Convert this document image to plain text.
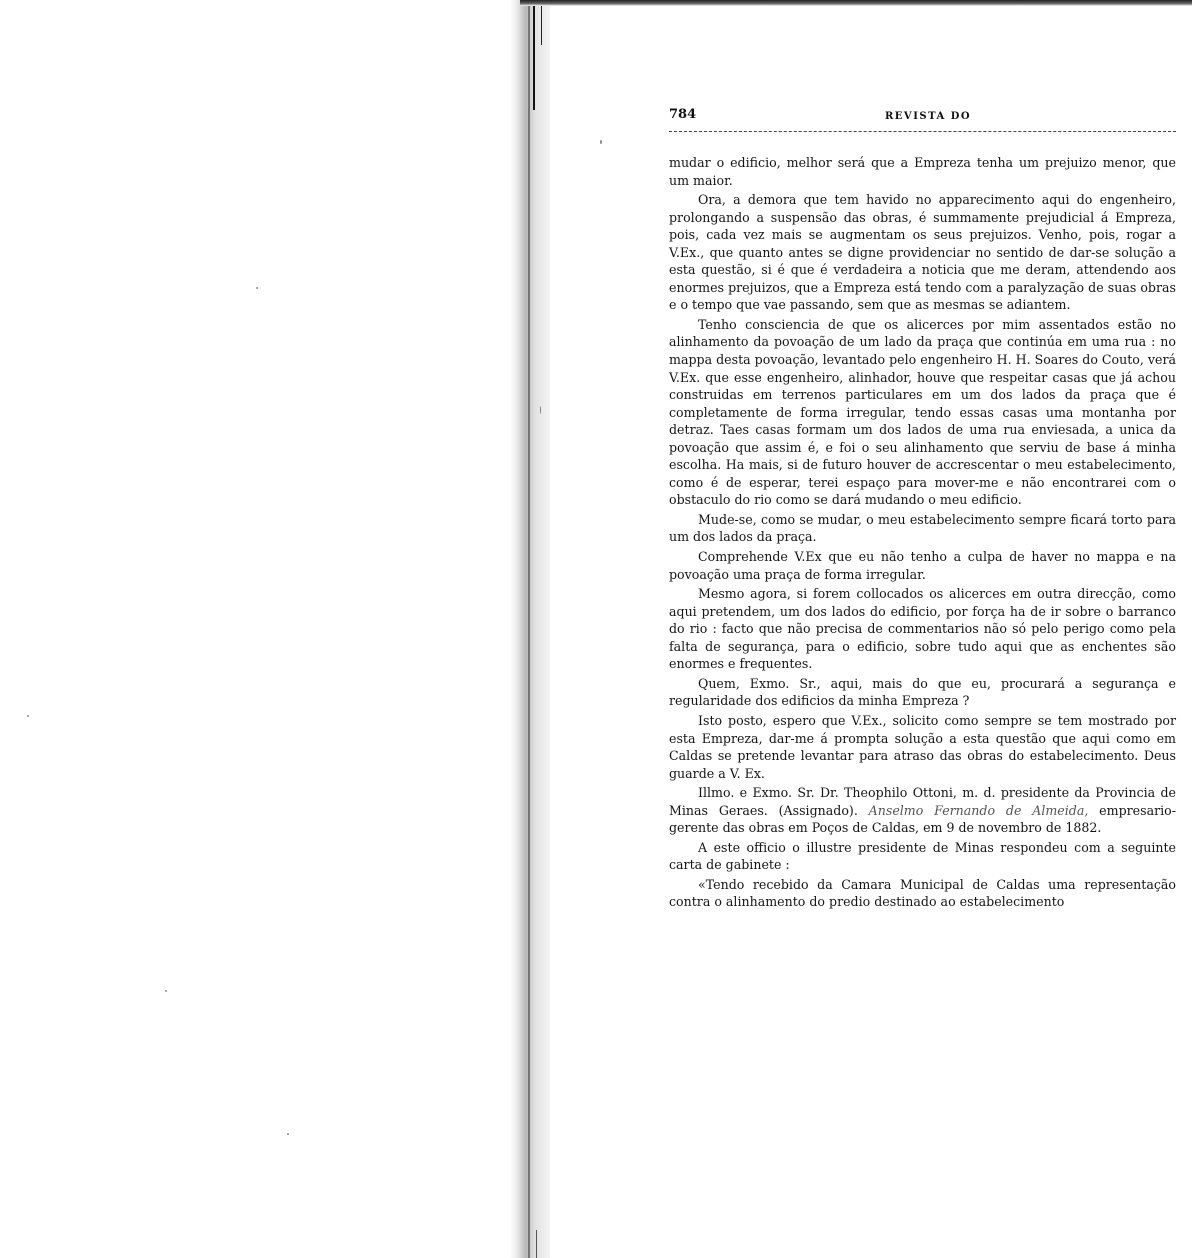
784	REVISTA DO

mudar o edificio, melhor será que a Empreza tenha um prejuizo menor, que um maior.

Ora, a demora que tem havido no apparecimento aqui do engenheiro, prolongando a suspensão das obras, é summamente prejudicial á Empreza, pois, cada vez mais se augmentam os seus prejuizos. Venho, pois, rogar a V.Ex., que quanto antes se digne providenciar no sentido de dar-se solução a esta questão, si é que é verdadeira a noticia que me deram, attendendo aos enormes prejuizos, que a Empreza está tendo com a paralyzação de suas obras e o tempo que vae passando, sem que as mesmas se adiantem.

Tenho consciencia de que os alicerces por mim assentados estão no alinhamento da povoação de um lado da praça que continúa em uma rua : no mappa desta povoação, levantado pelo engenheiro H. H. Soares do Couto, verá V.Ex. que esse engenheiro, alinhador, houve que respeitar casas que já achou construidas em terrenos particulares em um dos lados da praça que é completamente de forma irregular, tendo essas casas uma montanha por detraz. Taes casas formam um dos lados de uma rua enviesada, a unica da povoação que assim é, e foi o seu alinhamento que serviu de base á minha escolha. Ha mais, si de futuro houver de accrescentar o meu estabelecimento, como é de esperar, terei espaço para mover-me e não encontrarei com o obstaculo do rio como se dará mudando o meu edificio.

Mude-se, como se mudar, o meu estabelecimento sempre ficará torto para um dos lados da praça.

Comprehende V.Ex que eu não tenho a culpa de haver no mappa e na povoação uma praça de forma irregular.

Mesmo agora, si forem collocados os alicerces em outra direcção, como aqui pretendem, um dos lados do edificio, por força ha de ir sobre o barranco do rio : facto que não precisa de commentarios não só pelo perigo como pela falta de segurança, para o edificio, sobre tudo aqui que as enchentes são enormes e frequentes.

Quem, Exmo. Sr., aqui, mais do que eu, procurará a segurança e regularidade dos edificios da minha Empreza ?

Isto posto, espero que V.Ex., solicito como sempre se tem mostrado por esta Empreza, dar-me á prompta solução a esta questão que aqui como em Caldas se pretende levantar para atraso das obras do estabelecimento. Deus guarde a V. Ex.

Illmo. e Exmo. Sr. Dr. Theophilo Ottoni, m. d. presidente da Provincia de Minas Geraes. (Assignado). Anselmo Fernando de Almeida, empresario-gerente das obras em Poços de Caldas, em 9 de novembro de 1882.

A este officio o illustre presidente de Minas respondeu com a seguinte carta de gabinete :

«Tendo recebido da Camara Municipal de Caldas uma representação contra o alinhamento do predio destinado ao estabelecimento
